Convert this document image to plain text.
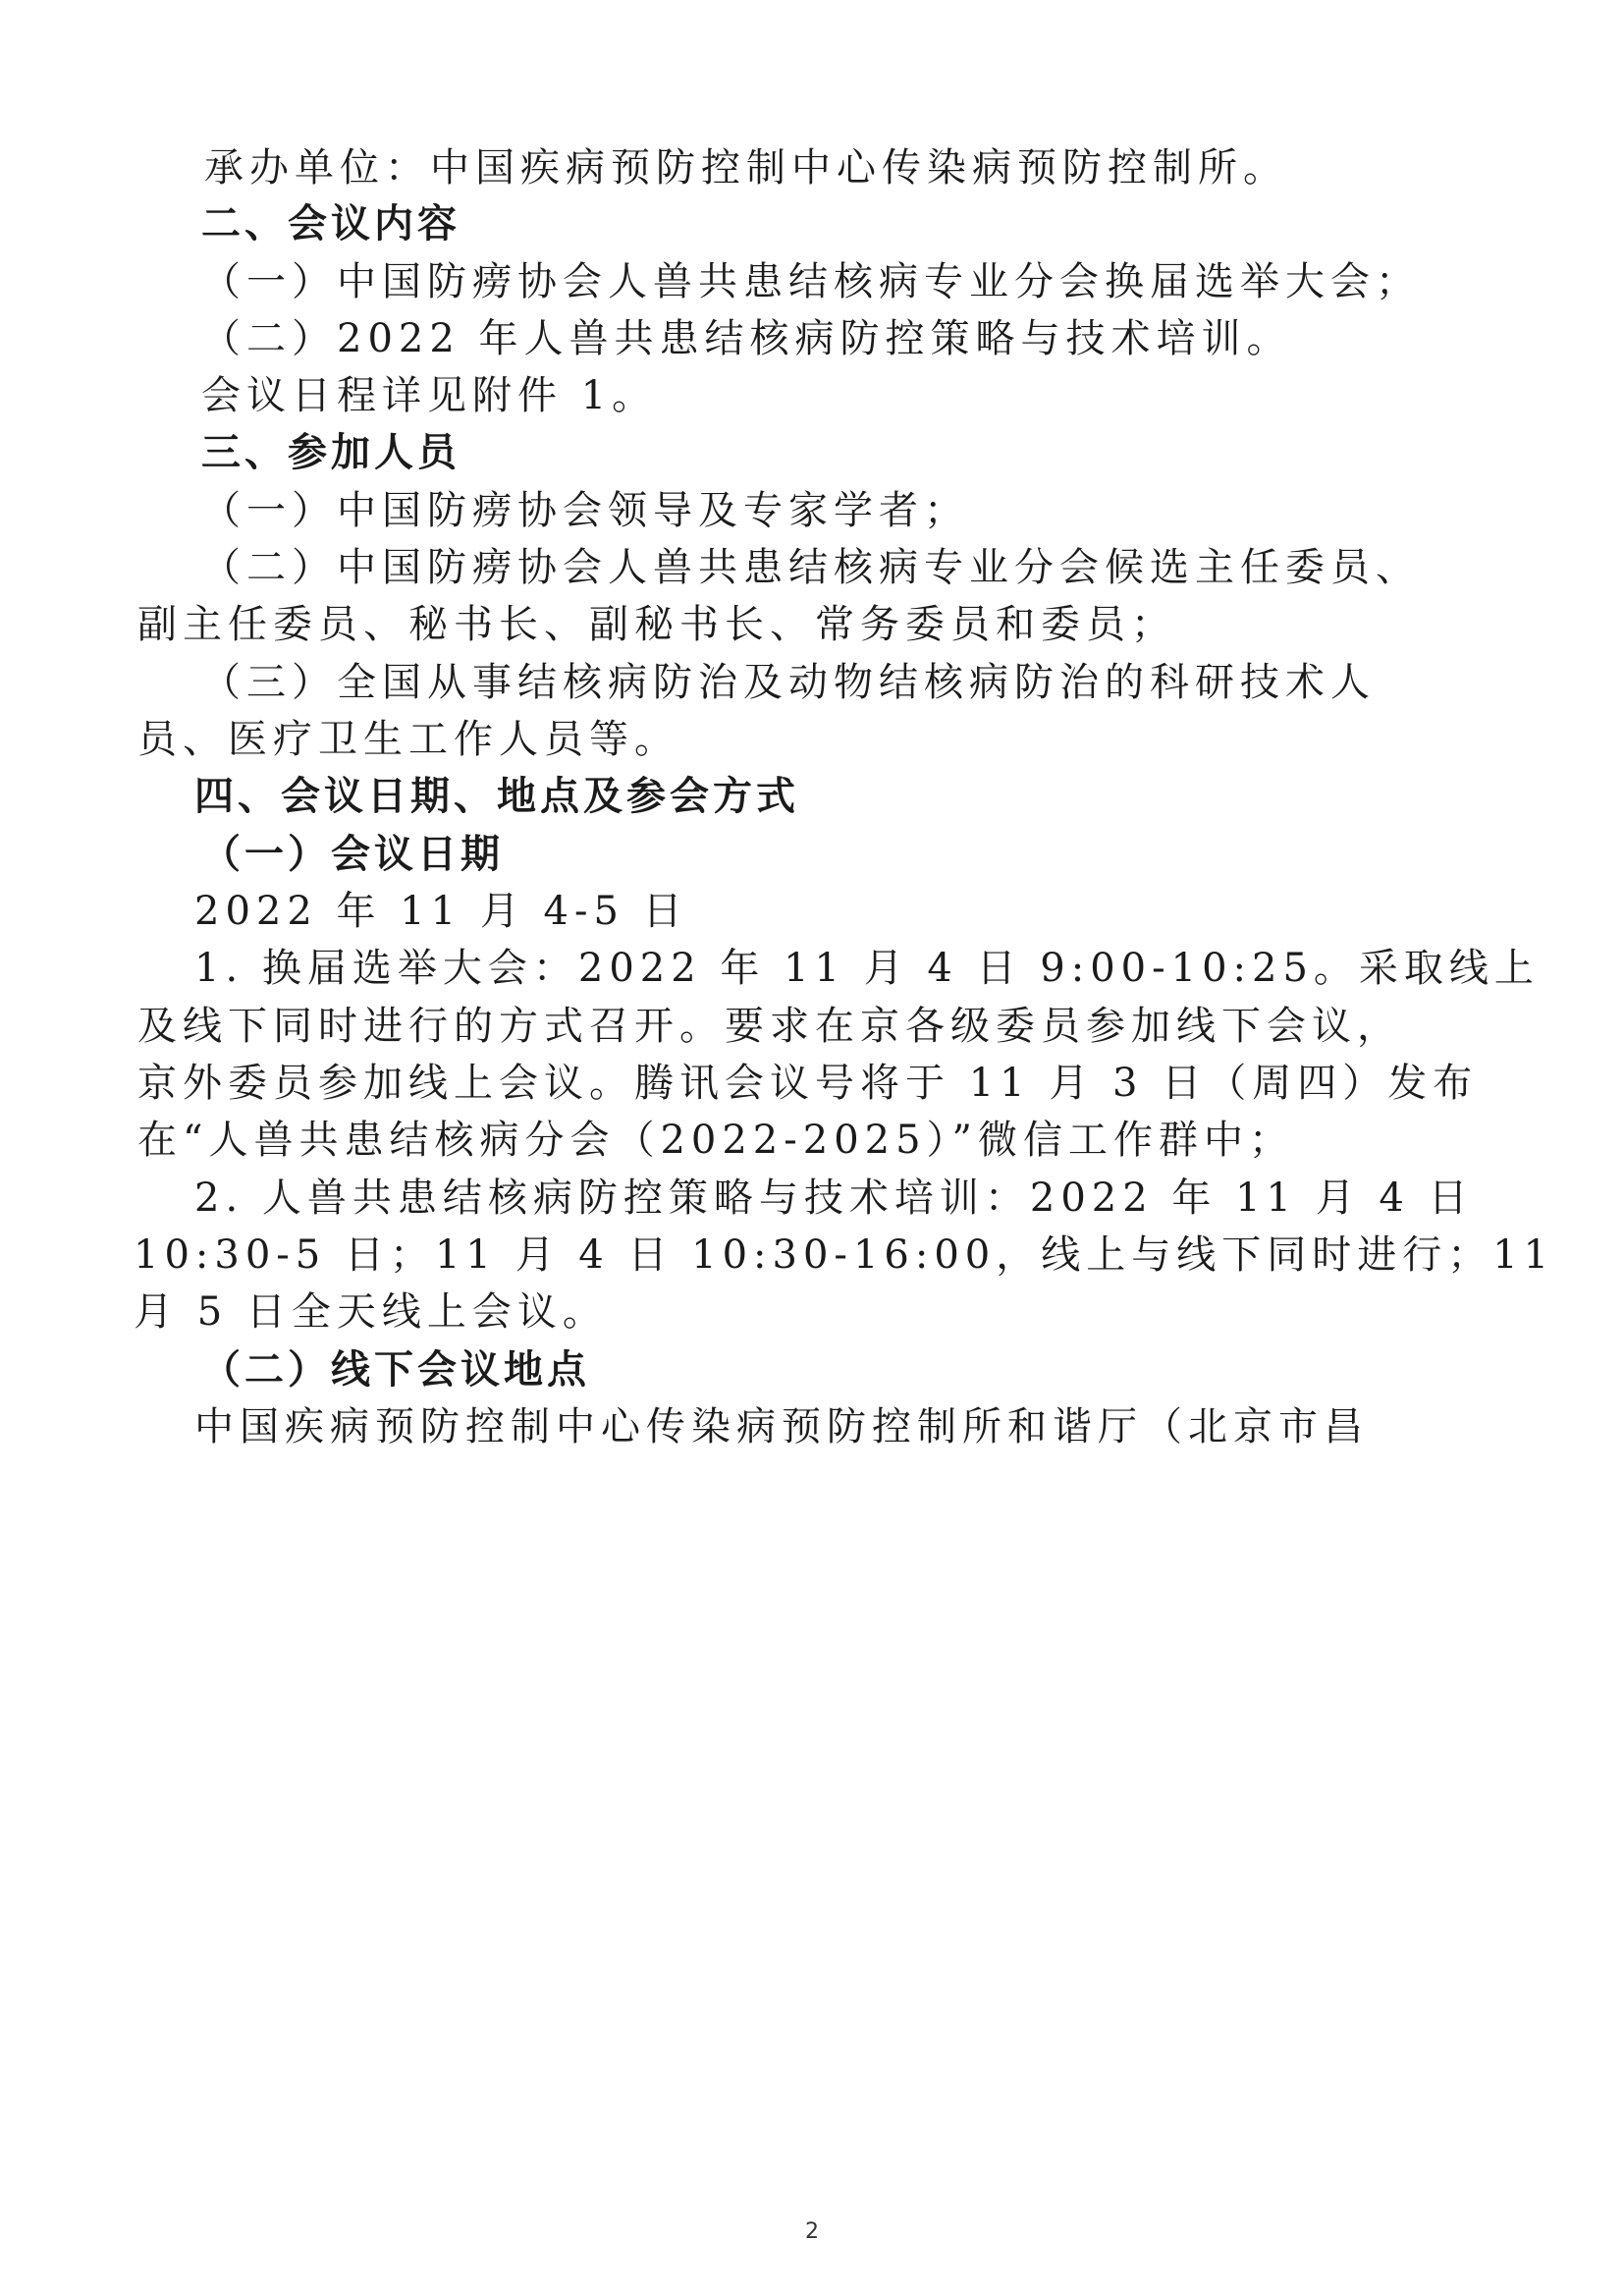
承办单位：中国疾病预防控制中心传染病预防控制所。
二、会议内容
（一）中国防痨协会人兽共患结核病专业分会换届选举大会；
（二）2022 年人兽共患结核病防控策略与技术培训。
会议日程详见附件 1。
三、参加人员
（一）中国防痨协会领导及专家学者；
（二）中国防痨协会人兽共患结核病专业分会候选主任委员、
副主任委员、秘书长、副秘书长、常务委员和委员；
（三）全国从事结核病防治及动物结核病防治的科研技术人
员、医疗卫生工作人员等。
四、会议日期、地点及参会方式
（一）会议日期
2022 年 11 月 4-5 日
1. 换届选举大会：2022 年 11 月 4 日 9:00-10:25。采取线上
及线下同时进行的方式召开。要求在京各级委员参加线下会议，
京外委员参加线上会议。腾讯会议号将于 11 月 3 日（周四）发布
在“人兽共患结核病分会（2022-2025）”微信工作群中；
2. 人兽共患结核病防控策略与技术培训：2022 年 11 月 4 日
10:30-5 日；11 月 4 日 10:30-16:00，线上与线下同时进行；11
月 5 日全天线上会议。
（二）线下会议地点
中国疾病预防控制中心传染病预防控制所和谐厅（北京市昌
2
